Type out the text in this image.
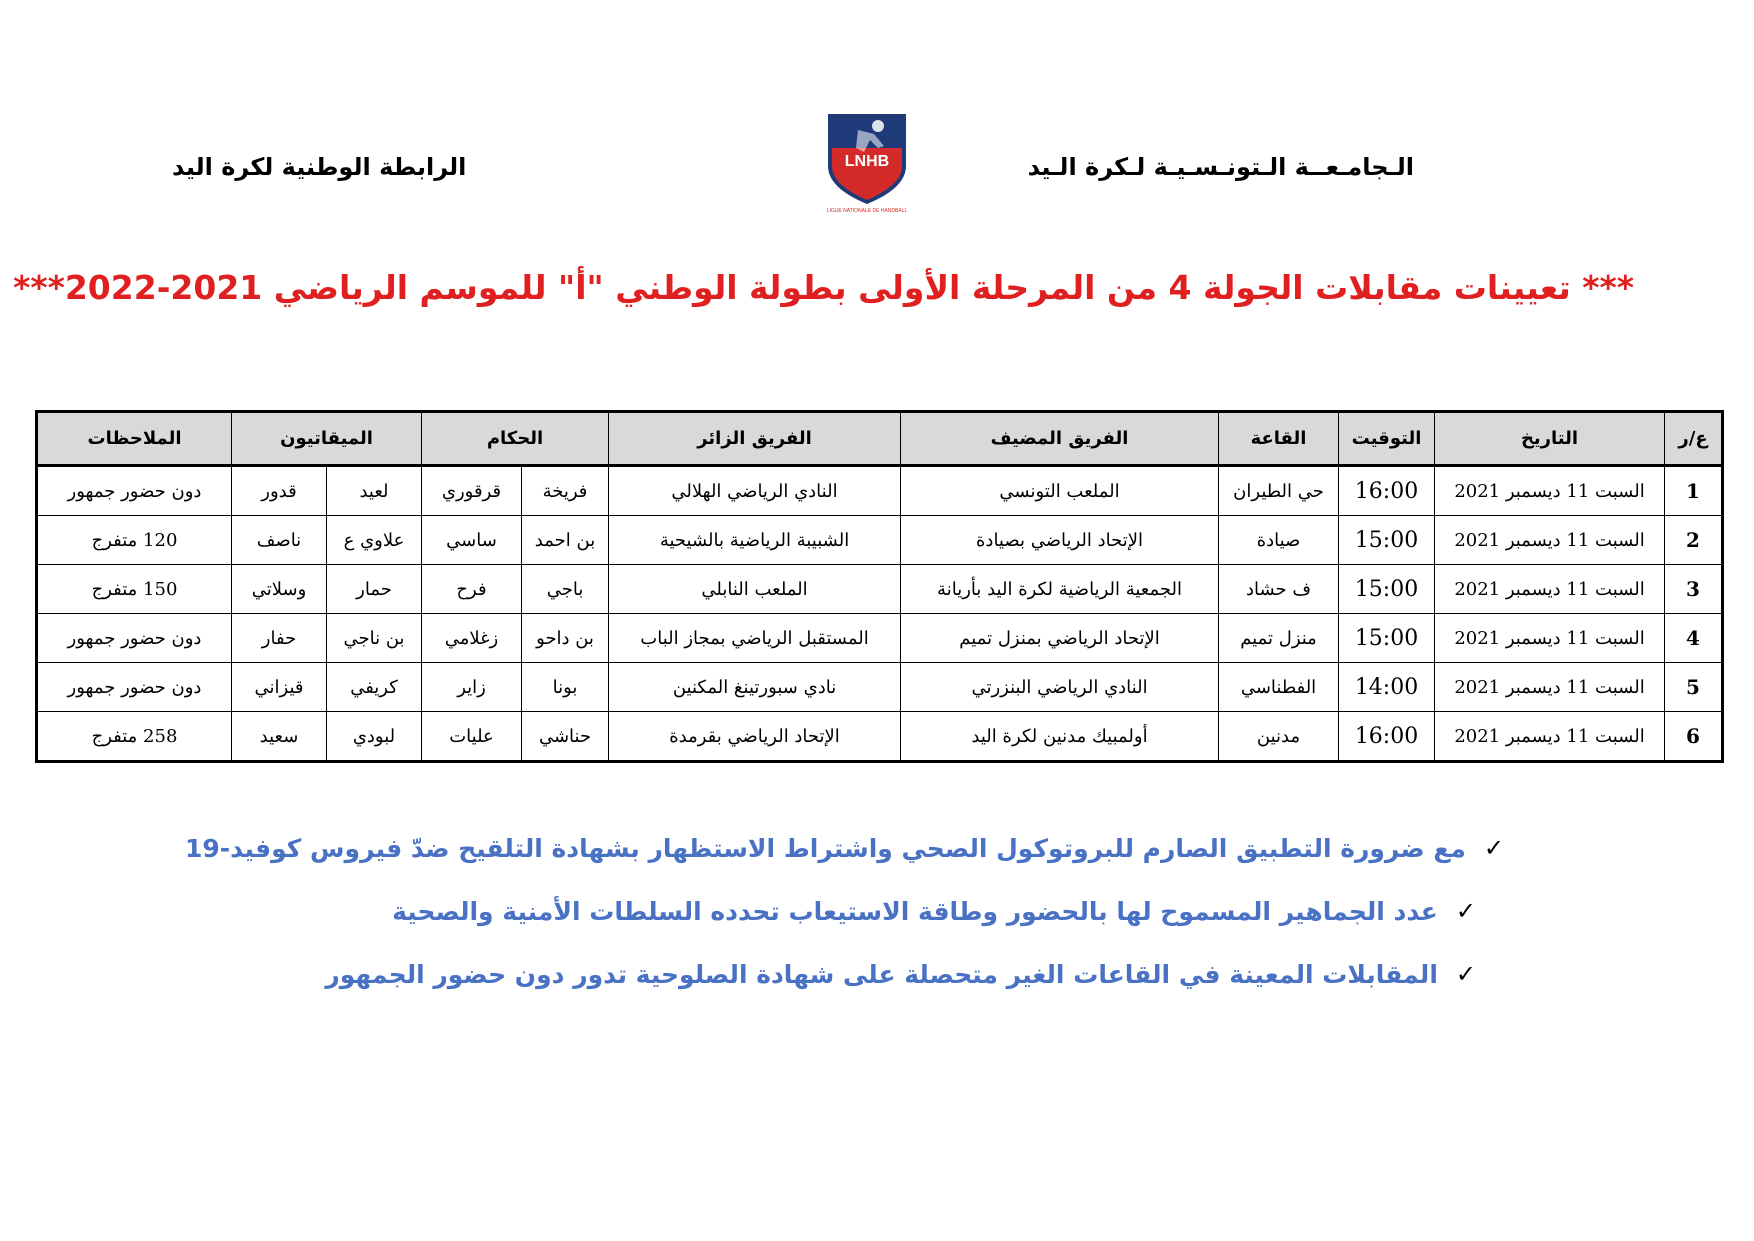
الـجامـعــة الـتونـسـيـة لـكرة الـيد
LNHB
LIGUE NATIONALE DE HANDBALL
الرابطة الوطنية لكرة اليد
*** تعيينات مقابلات الجولة 4 من المرحلة الأولى بطولة الوطني "أ" للموسم الرياضي 2021-2022***
ع/ر	التاريخ	التوقيت	القاعة	الفريق المضيف	الفريق الزائر	الحكام		الميقاتيون		الملاحظات
1	السبت 11 ديسمبر 2021	16:00	حي الطيران	الملعب التونسي	النادي الرياضي الهلالي	فريخة	قرقوري	لعيد	قدور	دون حضور جمهور
2	السبت 11 ديسمبر 2021	15:00	صيادة	الإتحاد الرياضي بصيادة	الشبيبة الرياضية بالشيحية	بن احمد	ساسي	علاوي ع	ناصف	120 متفرج
3	السبت 11 ديسمبر 2021	15:00	ف حشاد	الجمعية الرياضية لكرة اليد بأريانة	الملعب النابلي	باجي	فرح	حمار	وسلاتي	150 متفرج
4	السبت 11 ديسمبر 2021	15:00	منزل تميم	الإتحاد الرياضي بمنزل تميم	المستقبل الرياضي بمجاز الباب	بن داحو	زغلامي	بن ناجي	حفار	دون حضور جمهور
5	السبت 11 ديسمبر 2021	14:00	الفطناسي	النادي الرياضي البنزرتي	نادي سبورتينغ المكنين	بونا	زاير	كريفي	قيزاني	دون حضور جمهور
6	السبت 11 ديسمبر 2021	16:00	مدنين	أولمبيك مدنين لكرة اليد	الإتحاد الرياضي بقرمدة	حناشي	عليات	لبودي	سعيد	258 متفرج
✓
مع ضرورة التطبيق الصارم للبروتوكول الصحي واشتراط الاستظهار بشهادة التلقيح ضدّ فيروس كوفيد-19
✓
عدد الجماهير المسموح لها بالحضور وطاقة الاستيعاب تحدده السلطات الأمنية والصحية
✓
المقابلات المعينة في القاعات الغير متحصلة على شهادة الصلوحية تدور دون حضور الجمهور
